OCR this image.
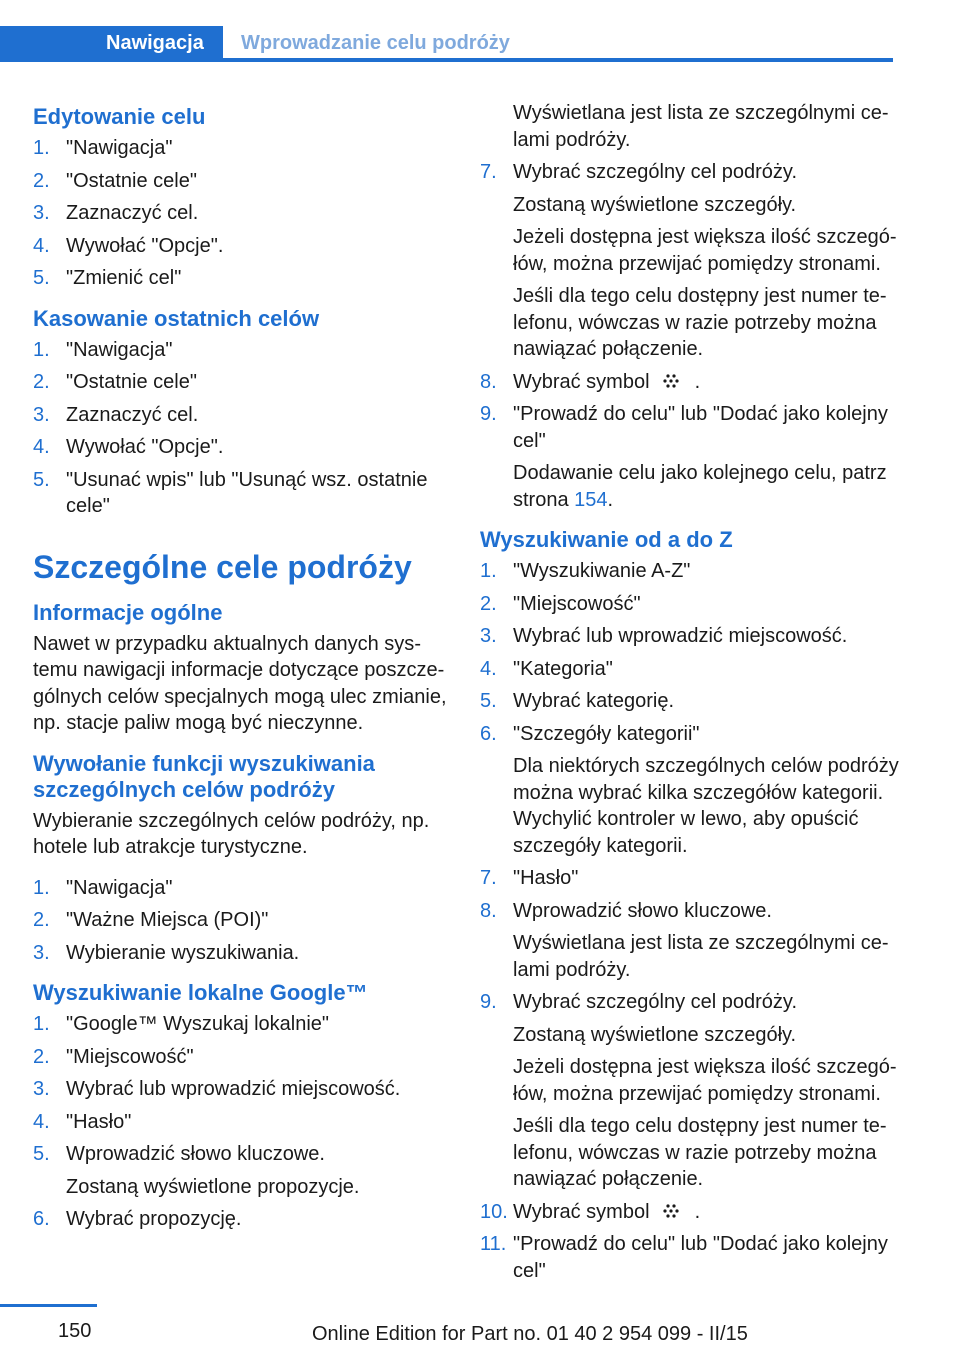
Nawigacja	Wprowadzanie celu podróży
Edytowanie celu
1. "Nawigacja"
2. "Ostatnie cele"
3. Zaznaczyć cel.
4. Wywołać "Opcje".
5. "Zmienić cel"
Kasowanie ostatnich celów
1. "Nawigacja"
2. "Ostatnie cele"
3. Zaznaczyć cel.
4. Wywołać "Opcje".
5. "Usunać wpis" lub "Usunąć wsz. ostatnie cele"
Szczególne cele podróży
Informacje ogólne
Nawet w przypadku aktualnych danych systemu nawigacji informacje dotyczące poszczególnych celów specjalnych mogą ulec zmianie, np. stacje paliw mogą być nieczynne.
Wywołanie funkcji wyszukiwania szczególnych celów podróży
Wybieranie szczególnych celów podróży, np. hotele lub atrakcje turystyczne.
1. "Nawigacja"
2. "Ważne Miejsca (POI)"
3. Wybieranie wyszukiwania.
Wyszukiwanie lokalne Google™
1. "Google™ Wyszukaj lokalnie"
2. "Miejscowość"
3. Wybrać lub wprowadzić miejscowość.
4. "Hasło"
5. Wprowadzić słowo kluczowe.
Zostaną wyświetlone propozycje.
6. Wybrać propozycję.
Wyświetlana jest lista ze szczególnymi celami podróży.
7. Wybrać szczególny cel podróży.
Zostaną wyświetlone szczegóły.
Jeżeli dostępna jest większa ilość szczegółów, można przewijać pomiędzy stronami.
Jeśli dla tego celu dostępny jest numer telefonu, wówczas w razie potrzeby można nawiązać połączenie.
8. Wybrać symbol .
9. "Prowadź do celu" lub "Dodać jako kolejny cel"
Dodawanie celu jako kolejnego celu, patrz strona 154.
Wyszukiwanie od a do Z
1. "Wyszukiwanie A-Z"
2. "Miejscowość"
3. Wybrać lub wprowadzić miejscowość.
4. "Kategoria"
5. Wybrać kategorię.
6. "Szczegóły kategorii"
Dla niektórych szczególnych celów podróży można wybrać kilka szczegółów kategorii. Wychylić kontroler w lewo, aby opuścić szczegóły kategorii.
7. "Hasło"
8. Wprowadzić słowo kluczowe.
Wyświetlana jest lista ze szczególnymi celami podróży.
9. Wybrać szczególny cel podróży.
Zostaną wyświetlone szczegóły.
Jeżeli dostępna jest większa ilość szczegółów, można przewijać pomiędzy stronami.
Jeśli dla tego celu dostępny jest numer telefonu, wówczas w razie potrzeby można nawiązać połączenie.
10. Wybrać symbol .
11. "Prowadź do celu" lub "Dodać jako kolejny cel"
150	Online Edition for Part no. 01 40 2 954 099 - II/15
